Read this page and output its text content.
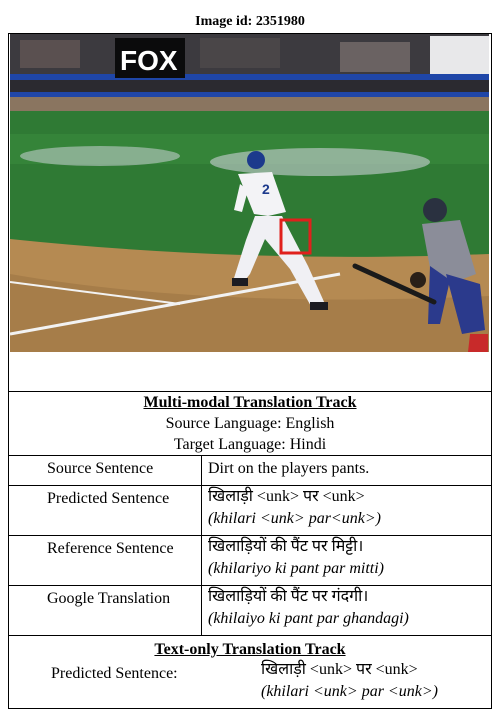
Image id: 2351980
FOX
2
Multi-modal Translation Track
Source Language: English
Target Language: Hindi	

Source Sentence	Dirt on the players pants.
Predicted Sentence	खिलाड़ी <unk> पर <unk>
(khilari <unk> par<unk>)

Reference Sentence	खिलाड़ियों की पैंट पर मिट्टी।
(khilariyo ki pant par mitti)

Google Translation	खिलाड़ियों की पैंट पर गंदगी।
(khilaiyo ki pant par ghandagi)

Text-only Translation Track
Predicted Sentence: खिलाड़ी <unk> पर <unk>
(khilari <unk> par <unk>)	
